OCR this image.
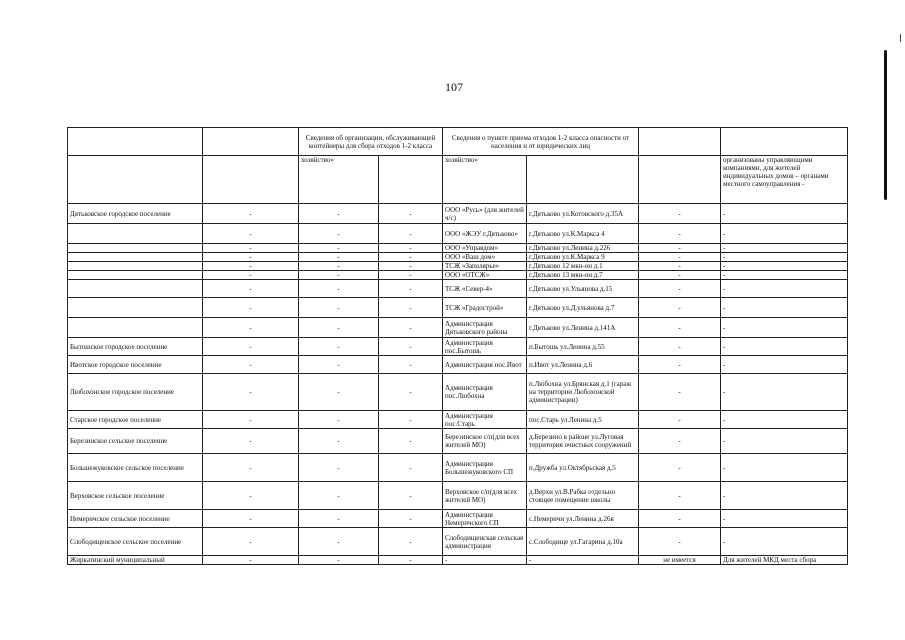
107
		Сведения об организации, обслуживающей контейнеры для сбора отходов 1-2 класса		Сведения о пункте приема отходов 1-2 класса опасности от населения и от юридических лиц			
		хозяйство»		хозяйство»			организованы управляющими компаниями, для жителей индивидуальных домов – органами местного самоуправления -
Дятьковское городское поселение	-	-	-	ООО «Русь» (для жителей ч/с)	г.Дятьково ул.Котовского д.35А	-	-
	-	-	-	ООО «ЖЭУ г.Дятьково»	г.Дятьково ул.К.Маркса 4	-	-
	-	-	-	ООО «Управдом»	г.Дятьково ул.Ленина д.226	-	-
	-	-	-	ООО «Ваш дом»	г.Дятьково ул.К.Маркса 9	-	-
	-	-	-	ТСЖ «Заполярье»	г.Дятьково 12 мкн-он д.1	-	-
	-	-	-	ООО «ОТСЖ»	г.Дятьково 13 мкн-он д.7	-	-
	-	-	-	ТСЖ «Север-4»	г.Дятьково ул.Ульянова д.15	-	-
	-	-	-	ТСЖ «Градострой»	г.Дятьково ул.Д.ульянова д.7	-	-
	-	-	-	Администрация Дятьковского района	г.Дятьково ул.Ленина д.141А	-	-
Бытошское городское поселение	-	-	-	Администрация пос.Бытошь	п.Бытошь ул.Ленина д.55	-	-
Ивотское городское поселение	-	-	-	Администрация пос.Ивот	п.Ивот ул.Ленина д.6	-	-
Любохонское городское поселение	-	-	-	Администрация пос.Любохна	п.Любохна ул.Брянская д.1 (гараж на территории Любохонской администрации)	-	-
Старское городское поселение	-	-	-	Администрация пос.Старь	пос.Старь ул.Ленина д.5	-	-
Березинское сельское поселение	-	-	-	Березинское с/п(для всех жителей МО)	д.Березино в районе ул.Луговая территория очистных сооружений	-	-
Большежуковское сельское поселение	-	-	-	Администрация Большежуковского СП	п.Дружба ул.Октябрьская д.5	-	-
Верховское сельское поселение	-	-	-	Верховское с/п(для всех жителей МО)	д.Верхи ул.В.Рабка отдельно стоящее помещение школы	-	-
Немеричское сельское поселение	-	-	-	Администрация Немеричского СП	с.Немеричи ул.Ленина д.26в	-	-
Слободищенское сельское поселение	-	-	-	Слободищенская сельская администрация	с.Слободище ул.Гагарина д.10а	-	-
Жиркатинский муниципальный	-	-	-	-	-	не имеется	Для жителей МКД места сбора
